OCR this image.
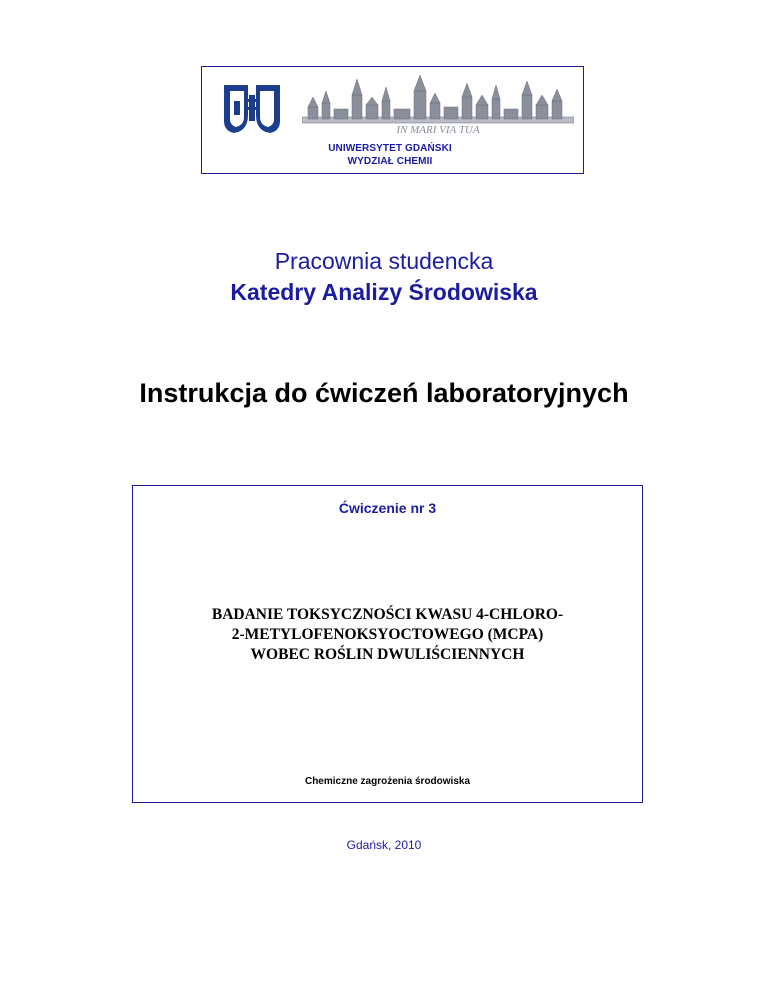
IN MARI VIA TUA
UNIWERSYTET GDAŃSKI
WYDZIAŁ CHEMII
Pracownia studencka
Katedry Analizy Środowiska
Instrukcja do ćwiczeń laboratoryjnych
Ćwiczenie nr 3
BADANIE TOKSYCZNOŚCI KWASU 4-CHLORO-
2-METYLOFENOKSYOCTOWEGO (MCPA)
WOBEC ROŚLIN DWULIŚCIENNYCH
Chemiczne zagrożenia środowiska
Gdańsk, 2010
